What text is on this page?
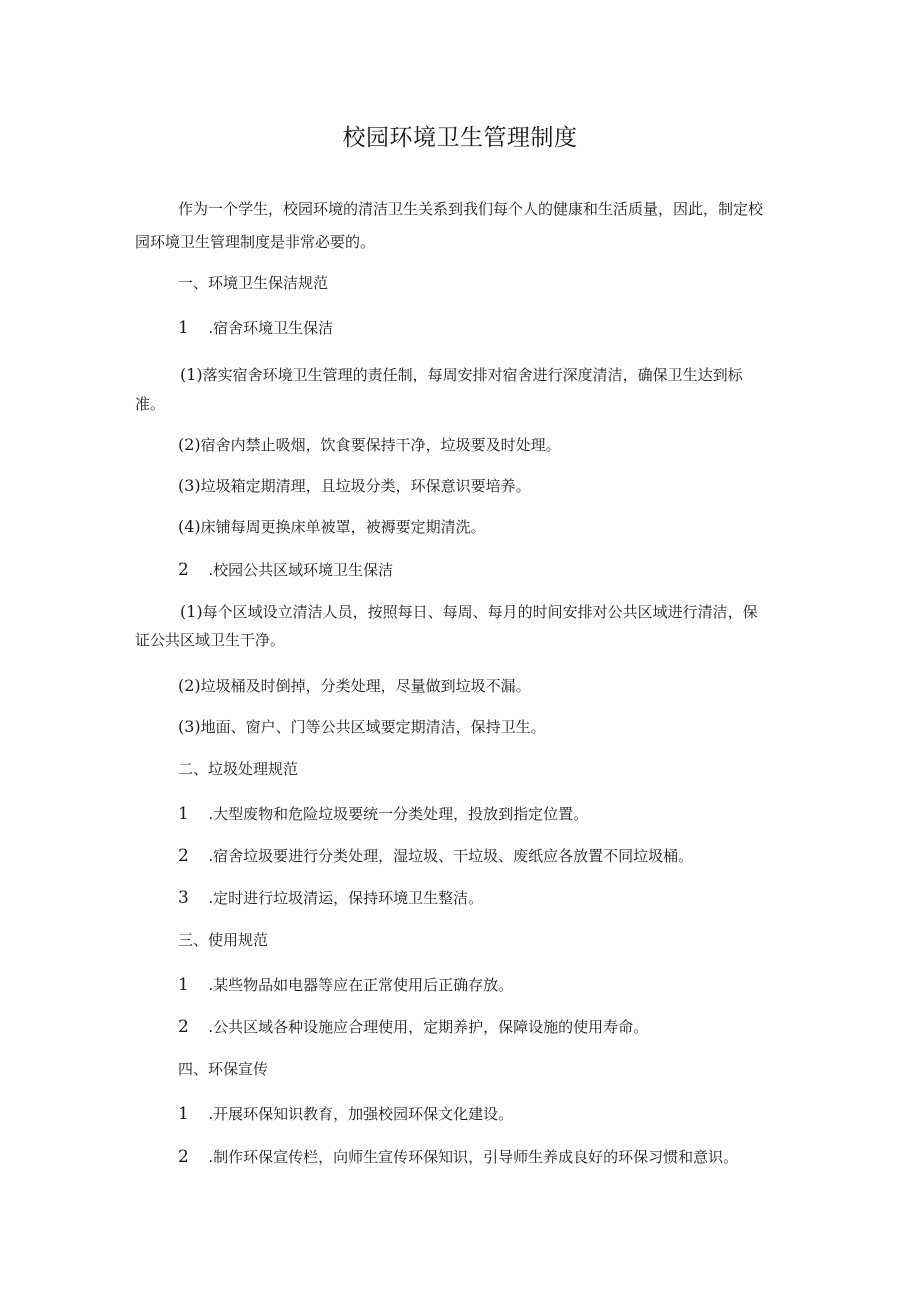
校园环境卫生管理制度
作为一个学生，校园环境的清洁卫生关系到我们每个人的健康和生活质量，因此，制定校
园环境卫生管理制度是非常必要的。
一、环境卫生保洁规范
1 .宿舍环境卫生保洁
(1)落实宿舍环境卫生管理的责任制，每周安排对宿舍进行深度清洁，确保卫生达到标
准。
(2)宿舍内禁止吸烟，饮食要保持干净，垃圾要及时处理。
(3)垃圾箱定期清理，且垃圾分类，环保意识要培养。
(4)床铺每周更换床单被罩，被褥要定期清洗。
2 .校园公共区域环境卫生保洁
(1)每个区域设立清洁人员，按照每日、每周、每月的时间安排对公共区域进行清洁，保
证公共区域卫生干净。
(2)垃圾桶及时倒掉，分类处理，尽量做到垃圾不漏。
(3)地面、窗户、门等公共区域要定期清洁，保持卫生。
二、垃圾处理规范
1 .大型废物和危险垃圾要统一分类处理，投放到指定位置。
2 .宿舍垃圾要进行分类处理，湿垃圾、干垃圾、废纸应各放置不同垃圾桶。
3 .定时进行垃圾清运，保持环境卫生整洁。
三、使用规范
1 .某些物品如电器等应在正常使用后正确存放。
2 .公共区域各种设施应合理使用，定期养护，保障设施的使用寿命。
四、环保宣传
1 .开展环保知识教育，加强校园环保文化建设。
2 .制作环保宣传栏，向师生宣传环保知识，引导师生养成良好的环保习惯和意识。
